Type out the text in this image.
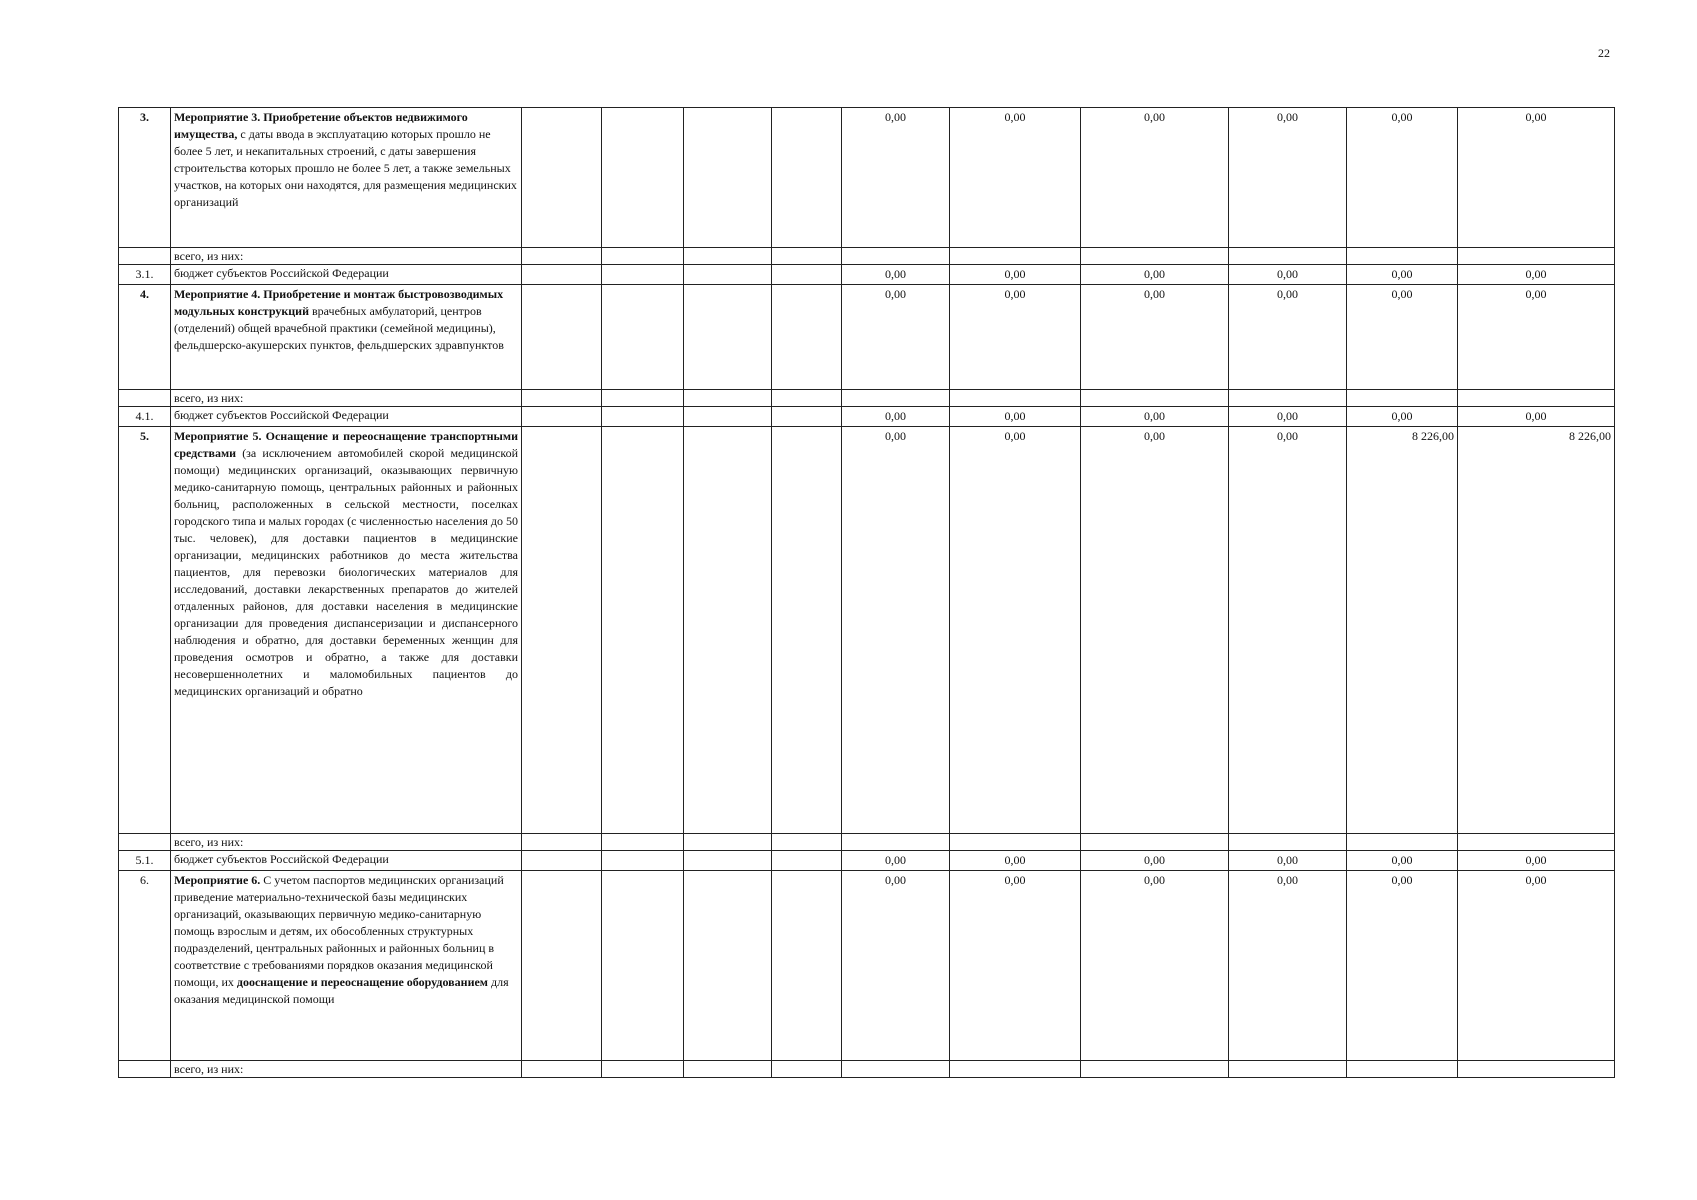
22
3.	Мероприятие 3. Приобретение объектов недвижимого имущества, с даты ввода в эксплуатацию которых прошло не более 5 лет, и некапитальных строений, с даты завершения строительства которых прошло не более 5 лет, а также земельных участков, на которых они находятся, для размещения медицинских организаций					0,00	0,00	0,00	0,00	0,00	0,00
	всего, из них:										
3.1.	бюджет субъектов Российской Федерации					0,00	0,00	0,00	0,00	0,00	0,00
4.	Мероприятие 4. Приобретение и монтаж быстровозводимых модульных конструкций врачебных амбулаторий, центров (отделений) общей врачебной практики (семейной медицины), фельдшерско-акушерских пунктов, фельдшерских здравпунктов					0,00	0,00	0,00	0,00	0,00	0,00
	всего, из них:										
4.1.	бюджет субъектов Российской Федерации					0,00	0,00	0,00	0,00	0,00	0,00
5.	Мероприятие 5. Оснащение и переоснащение транспортными средствами (за исключением автомобилей скорой медицинской помощи) медицинских организаций, оказывающих первичную медико-санитарную помощь, центральных районных и районных больниц, расположенных в сельской местности, поселках городского типа и малых городах (с численностью населения до 50 тыс. человек), для доставки пациентов в медицинские организации, медицинских работников до места жительства пациентов, для перевозки биологических материалов для исследований, доставки лекарственных препаратов до жителей отдаленных районов, для доставки населения в медицинские организации для проведения диспансеризации и диспансерного наблюдения и обратно, для доставки беременных женщин для проведения осмотров и обратно, а также для доставки несовершеннолетних и маломобильных пациентов до медицинских организаций и обратно					0,00	0,00	0,00	0,00	8 226,00	8 226,00
	всего, из них:										
5.1.	бюджет субъектов Российской Федерации					0,00	0,00	0,00	0,00	0,00	0,00
6.	Мероприятие 6. С учетом паспортов медицинских организаций приведение материально-технической базы медицинских организаций, оказывающих первичную медико-санитарную помощь взрослым и детям, их обособленных структурных подразделений, центральных районных и районных больниц в соответствие с требованиями порядков оказания медицинской помощи, их дооснащение и переоснащение оборудованием для оказания медицинской помощи					0,00	0,00	0,00	0,00	0,00	0,00
	всего, из них:										
